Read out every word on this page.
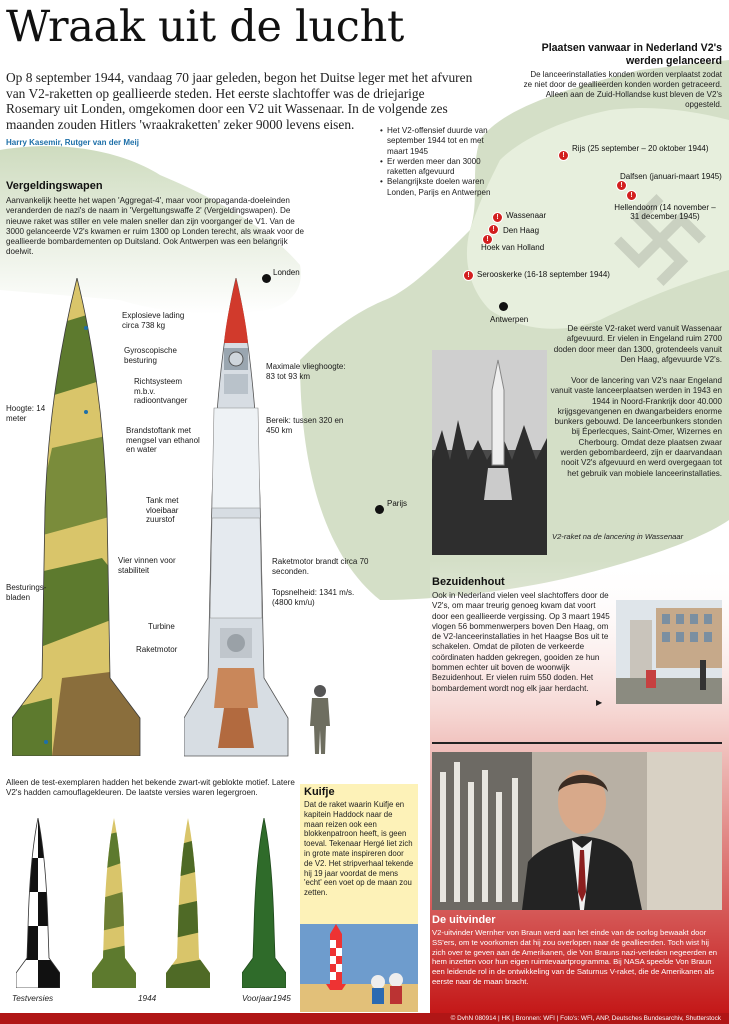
Wraak uit de lucht
Op 8 september 1944, vandaag 70 jaar geleden, begon het Duitse leger met het afvuren van V2-raketten op geallieerde steden. Het eerste slachtoffer was de driejarige Rosemary uit Londen, omgekomen door een V2 uit Wassenaar. In de volgende zes maanden zouden Hitlers 'wraakraketten' zeker 9000 levens eisen.
Harry Kasemir, Rutger van der Meij
Plaatsen vanwaar in Nederland V2's werden gelanceerd
De lanceerinstallaties konden worden verplaatst zodat ze niet door de geallieerden konden worden getraceerd. Alleen aan de Zuid-Hollandse kust bleven de V2's opgesteld.
• Het V2-offensief duurde van september 1944 tot en met maart 1945
• Er werden meer dan 3000 raketten afgevuurd
• Belangrijkste doelen waren Londen, Parijs en Antwerpen
Vergeldingswapen
Aanvankelijk heette het wapen 'Aggregat-4', maar voor propaganda-doeleinden veranderden de nazi's de naam in 'Vergeltungswaffe 2' (Vergeldingswapen). De nieuwe raket was stiller en vele malen sneller dan zijn voorganger de V1. Van de 3000 gelanceerde V2's kwamen er ruim 1300 op Londen terecht, als wraak voor de geallieerde bombardementen op Duitsland. Ook Antwerpen was een belangrijk doelwit.
Londen
Antwerpen
Parijs
!
Rijs (25 september – 20 oktober 1944)
!
!
Dalfsen (januari-maart 1945)
Hellendoorn (14 november – 31 december 1945)
!
!
!
Wassenaar
Den Haag
Hoek van Holland
! Serooskerke (16-18 september 1944)
De eerste V2-raket werd vanuit Wassenaar afgevuurd. Er vielen in Engeland ruim 2700 doden door meer dan 1300, grotendeels vanuit Den Haag, afgevuurde V2's.
Voor de lancering van V2's naar Engeland vanuit vaste lanceerplaatsen werden in 1943 en 1944 in Noord-Frankrijk door 40.000 krijgsgevangenen en dwangarbeiders enorme bunkers gebouwd. De lanceerbunkers stonden bij Éperlecques, Saint-Omer, Wizernes en Cherbourg. Omdat deze plaatsen zwaar werden gebombardeerd, zijn er daarvandaan nooit V2's afgevuurd en werd overgegaan tot het gebruik van mobiele lanceerinstallaties.
V2-raket na de lancering in Wassenaar
Bezuidenhout
Ook in Nederland vielen veel slachtoffers door de V2's, om maar treurig genoeg kwam dat voort door een geallieerde vergissing. Op 3 maart 1945 vlogen 56 bommenwerpers boven Den Haag, om de V2-lanceerinstallaties in het Haagse Bos uit te schakelen. Omdat de piloten de verkeerde coördinaten hadden gekregen, gooiden ze hun bommen echter uit boven de woonwijk Bezuidenhout. Er vielen ruim 550 doden. Het bombardement wordt nog elk jaar herdacht.
▶
De uitvinder
V2-uitvinder Wernher von Braun werd aan het einde van de oorlog bewaakt door SS'ers, om te voorkomen dat hij zou overlopen naar de geallieerden. Toch wist hij zich over te geven aan de Amerikanen, die Von Brauns nazi-verleden negeerden en hem inzetten voor hun eigen ruimtevaartprogramma. Bij NASA speelde Von Braun een leidende rol in de ontwikkeling van de Saturnus V-raket, die de Amerikanen als eerste naar de maan bracht.
Explosieve lading circa 738 kg
Gyroscopische besturing
Richtsysteem m.b.v. radioontvanger
Hoogte: 14 meter
Brandstoftank met mengsel van ethanol en water
Tank met vloeibaar zuurstof
Vier vinnen voor stabiliteit
Besturings-bladen
Turbine
Raketmotor
Maximale vlieghoogte: 83 tot 93 km
Bereik: tussen 320 en 450 km
Raketmotor brandt circa 70 seconden.
Topsnelheid: 1341 m/s. (4800 km/u)
Alleen de test-exemplaren hadden het bekende zwart-wit geblokte motief. Latere V2's hadden camouflagekleuren. De laatste versies waren legergroen.
Testversies	1944	Voorjaar1945
Kuifje
Dat de raket waarin Kuifje en kapitein Haddock naar de maan reizen ook een blokkenpatroon heeft, is geen toeval. Tekenaar Hergé liet zich in grote mate inspireren door de V2. Het stripverhaal tekende hij 19 jaar voordat de mens 'echt' een voet op de maan zou zetten.
© DvhN 080914 | HK | Bronnen: WFI | Foto's: WFI, ANP, Deutsches Bundesarchiv, Shutterstock
